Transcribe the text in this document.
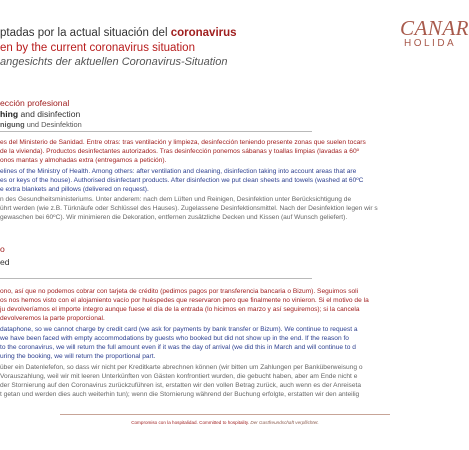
CANAR
HOLIDA
ptadas por la actual situación del coronavirus
en by the current coronavirus situation
angesichts der aktuellen Coronavirus-Situation
ección profesional
hing and disinfection
nigung und Desinfektion
es del Ministerio de Sanidad. Entre otras: tras ventilación y limpieza, desinfección teniendo presente zonas que suelen tocars
de la vivienda). Productos desinfectantes autorizados. Tras desinfección ponemos sábanas y toallas limpias (lavadas a 60º
onos mantas y almohadas extra (entregamos a petición).
elines of the Ministry of Health. Among others: after ventilation and cleaning, disinfection taking into account areas that are
es or keys of the house). Authorised disinfectant products. After disinfection we put clean sheets and towels (washed at 60ºC
e extra blankets and pillows (delivered on request).
n des Gesundheitsministeriums. Unter anderem: nach dem Lüften und Reinigen, Desinfektion unter Berücksichtigung de
ührt werden (wie z.B. Türknäufe oder Schlüssel des Hauses). Zugelassene Desinfektionsmittel. Nach der Desinfektion legen wir s
gewaschen bei 60ºC). Wir minimieren die Dekoration, entfernen zusätzliche Decken und Kissen (auf Wunsch geliefert).
o
ed
ono, así que no podemos cobrar con tarjeta de crédito (pedimos pagos por transferencia bancaria o Bizum). Seguimos soli
os nos hemos visto con el alojamiento vacío por huéspedes que reservaron pero que finalmente no vinieron. Si el motivo de la
ju devolveríamos el importe íntegro aunque fuese el día de la entrada (lo hicimos en marzo y así seguiremos); si la cancela
devolveremos la parte proporcional.
dataphone, so we cannot charge by credit card (we ask for payments by bank transfer or Bizum). We continue to request a
we have been faced with empty accommodations by guests who booked but did not show up in the end. If the reason fo
to the coronavirus, we will return the full amount even if it was the day of arrival (we did this in March and will continue to d
uring the booking, we will return the proportional part.
über ein Datenlefefon, so dass wir nicht per Kreditkarte abrechnen können (wir bitten um Zahlungen per Banküberweisung o
Vorauszahlung, weil wir mit leeren Unterkünften von Gästen konfrontiert wurden, die gebucht haben, aber am Ende nicht e
der Stornierung auf den Coronavirus zurückzuführen ist, erstatten wir den vollen Betrag zurück, auch wenn es der Anreiseta
t getan und werden dies auch weiterhin tun); wenn die Stornierung während der Buchung erfolgte, erstatten wir den anteilig
Compromiso con la hospitalidad. Committed to hospitality. Der Gastfreundschaft verpflichtet.
